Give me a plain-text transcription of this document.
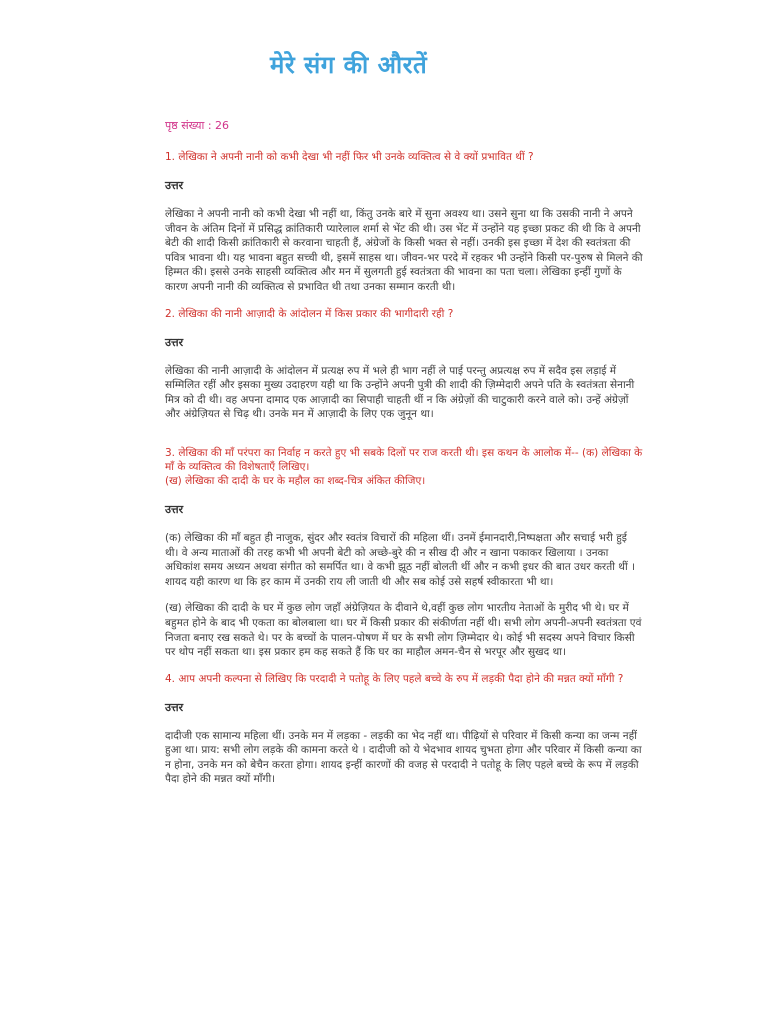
मेरे संग की औरतें
पृष्ठ संख्या : 26
1. लेखिका ने अपनी नानी को कभी देखा भी नहीं फिर भी उनके व्यक्तित्व से वे क्यों प्रभावित थीं ?
उत्तर
लेखिका ने अपनी नानी को कभी देखा भी नहीं था, किंतु उनके बारे में सुना अवश्य था। उसने सुना था कि उसकी नानी ने अपने जीवन के अंतिम दिनों में प्रसिद्ध क्रांतिकारी प्यारेलाल शर्मा से भेंट की थी। उस भेंट में उन्होंने यह इच्छा प्रकट की थी कि वे अपनी बेटी की शादी किसी क्रांतिकारी से करवाना चाहती हैं, अंग्रेजों के किसी भक्त से नहीं। उनकी इस इच्छा में देश की स्वतंत्रता की पवित्र भावना थी। यह भावना बहुत सच्ची थी, इसमें साहस था। जीवन-भर परदे में रहकर भी उन्होंने किसी पर-पुरुष से मिलने की हिम्मत की। इससे उनके साहसी व्यक्तित्व और मन में सुलगती हुई स्वतंत्रता की भावना का पता चला। लेखिका इन्हीं गुणों के कारण अपनी नानी की व्यक्तित्व से प्रभावित थी तथा उनका सम्मान करती थी।
2. लेखिका की नानी आज़ादी के आंदोलन में किस प्रकार की भागीदारी रही ?
उत्तर
लेखिका की नानी आज़ादी के आंदोलन में प्रत्यक्ष रुप में भले ही भाग नहीं ले पाई परन्तु अप्रत्यक्ष रुप में सदैव इस लड़ाई में सम्मिलित रहीं और इसका मुख्य उदाहरण यही था कि उन्होंने अपनी पुत्री की शादी की ज़िम्मेदारी अपने पति के स्वतंत्रता सेनानी मित्र को दी थी। वह अपना दामाद एक आज़ादी का सिपाही चाहती थीं न कि अंग्रेज़ों की चाटुकारी करने वाले को। उन्हें अंग्रेज़ों और अंग्रेज़ियत से चिढ़ थी। उनके मन में आज़ादी के लिए एक जुनून था।
3. लेखिका की माँ परंपरा का निर्वाह न करते हुए भी सबके दिलों पर राज करती थी। इस कथन के आलोक में-- (क) लेखिका के माँ के व्यक्तित्व की विशेषताएँ लिखिए।
(ख) लेखिका की दादी के घर के महौल का शब्द-चित्र अंकित कीजिए।
उत्तर
(क) लेखिका की माँ बहुत ही नाजुक, सुंदर और स्वतंत्र विचारों की महिला थीं। उनमें ईमानदारी,निष्पक्षता और सचाई भरी हुई थी। वे अन्य माताओं की तरह कभी भी अपनी बेटी को अच्छे-बुरे की न सीख दी और न खाना पकाकर खिलाया । उनका अधिकांश समय अध्यन अथवा संगीत को समर्पित था। वे कभी झूठ नहीं बोलती थीं और न कभी इधर की बात उधर करती थीं । शायद यही कारण था कि हर काम में उनकी राय ली जाती थी और सब कोई उसे सहर्ष स्वीकारता भी था।
(ख) लेखिका की दादी के घर में कुछ लोग जहाँ अंग्रेज़ियत के दीवाने थे,वहीं कुछ लोग भारतीय नेताओं के मुरीद भी थे। घर में बहुमत होने के बाद भी एकता का बोलबाला था। घर में किसी प्रकार की संकीर्णता नहीं थी। सभी लोग अपनी-अपनी स्वतंत्रता एवं निजता बनाए रख सकते थे। पर के बच्चों के पालन-पोषण में घर के सभी लोग ज़िम्मेदार थे। कोई भी सदस्य अपने विचार किसी पर थोप नहीं सकता था। इस प्रकार हम कह सकते हैं कि घर का माहौल अमन-चैन से भरपूर और सुखद था।
4. आप अपनी कल्पना से लिखिए कि परदादी ने पतोहू के लिए पहले बच्चे के रुप में लड़की पैदा होने की मन्नत क्यों माँगी ?
उत्तर
दादीजी एक सामान्य महिला थीं। उनके मन में लड़का - लड़की का भेद नहीं था। पीढ़ियों से परिवार में किसी कन्या का जन्म नहीं हुआ था। प्राय: सभी लोग लड़के की कामना करते थे । दादीजी को ये भेदभाव शायद चुभता होगा और परिवार में किसी कन्या का न होना, उनके मन को बेचैन करता होगा। शायद इन्हीं कारणों की वजह से परदादी ने पतोहू के लिए पहले बच्चे के रूप में लड़की पैदा होने की मन्नत क्यों माँगी।
